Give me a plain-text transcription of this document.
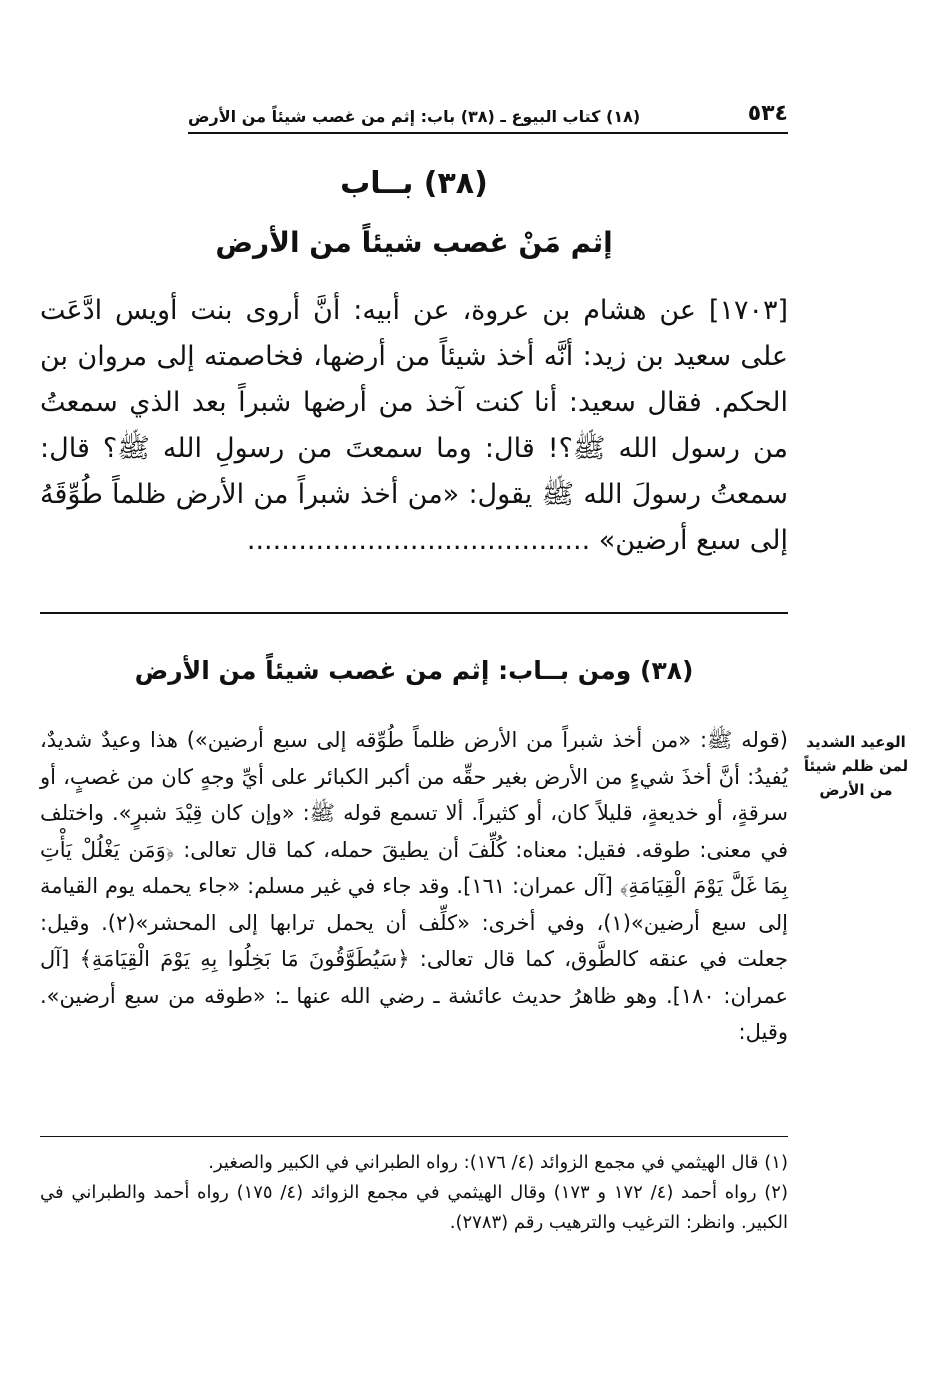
٥٣٤
(١٨) كتاب البيوع ـ (٣٨) باب: إثم من غصب شيئاً من الأرض
(٣٨) بــاب
إثم مَنْ غصب شيئاً من الأرض
[١٧٠٣] عن هشام بن عروة، عن أبيه: أنَّ أروى بنت أويس ادَّعَت على سعيد بن زيد: أنَّه أخذ شيئاً من أرضها، فخاصمته إلى مروان بن الحكم. فقال سعيد: أنا كنت آخذ من أرضها شبراً بعد الذي سمعتُ من رسول الله ﷺ؟! قال: وما سمعتَ من رسولِ الله ﷺ؟ قال: سمعتُ رسولَ الله ﷺ يقول: «من أخذ شبراً من الأرض ظلماً طُوِّقَهُ إلى سبع أرضين» ........................................
(٣٨) ومن بــاب: إثم من غصب شيئاً من الأرض
الوعيد الشديد لمن ظلم شيئاً من الأرض
(قوله ﷺ: «من أخذ شبراً من الأرض ظلماً طُوِّقه إلى سبع أرضين») هذا وعيدٌ شديدٌ، يُفيدُ: أنَّ أخذَ شيءٍ من الأرض بغير حقِّه من أكبر الكبائر على أيِّ وجهٍ كان من غصبٍ، أو سرقةٍ، أو خديعةٍ، قليلاً كان، أو كثيراً. ألا تسمع قوله ﷺ: «وإن كان قِيْدَ شبرٍ». واختلف في معنى: طوقه. فقيل: معناه: كُلِّفَ أن يطيقَ حمله، كما قال تعالى: ﴿وَمَن يَغْلُلْ يَأْتِ بِمَا غَلَّ يَوْمَ الْقِيَامَةِ﴾ [آل عمران: ١٦١]. وقد جاء في غير مسلم: «جاء يحمله يوم القيامة إلى سبع أرضين»(١)، وفي أخرى: «كلِّف أن يحمل ترابها إلى المحشر»(٢). وقيل: جعلت في عنقه كالطَّوق، كما قال تعالى: ﴿سَيُطَوَّقُونَ مَا بَخِلُوا بِهِ يَوْمَ الْقِيَامَةِ﴾ [آل عمران: ١٨٠]. وهو ظاهرُ حديث عائشة ـ رضي الله عنها ـ: «طوقه من سبع أرضين». وقيل:

(١) قال الهيثمي في مجمع الزوائد (٤/ ١٧٦): رواه الطبراني في الكبير والصغير.

(٢) رواه أحمد (٤/ ١٧٢ و ١٧٣) وقال الهيثمي في مجمع الزوائد (٤/ ١٧٥) رواه أحمد والطبراني في الكبير. وانظر: الترغيب والترهيب رقم (٢٧٨٣).
